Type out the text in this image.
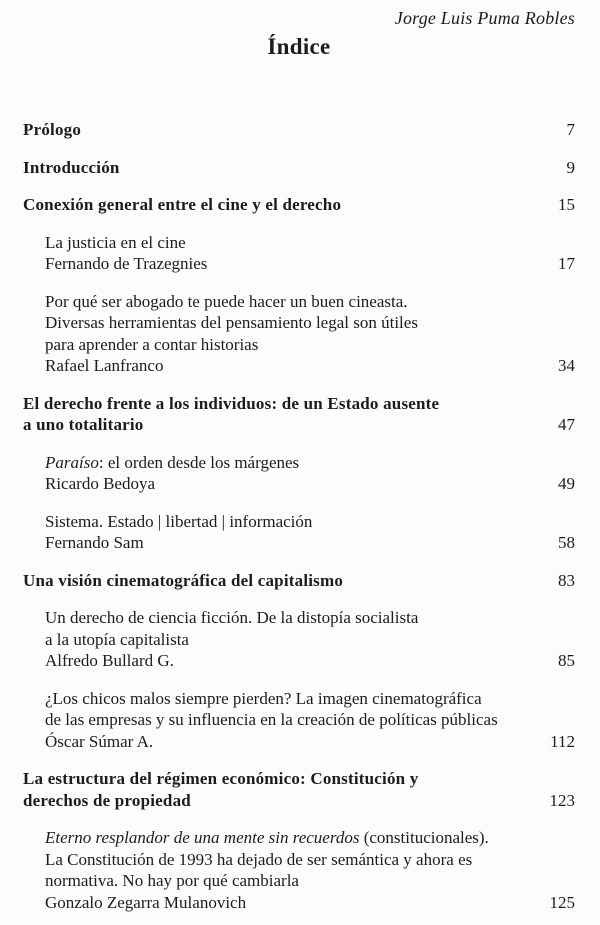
Jorge Luis Puma Robles
Índice
Prólogo	7
Introducción	9
Conexión general entre el cine y el derecho	15
La justicia en el cine
Fernando de Trazegnies	17
Por qué ser abogado te puede hacer un buen cineasta.
Diversas herramientas del pensamiento legal son útiles
para aprender a contar historias
Rafael Lanfranco	34
El derecho frente a los individuos: de un Estado ausente
a uno totalitario	47
Paraíso: el orden desde los márgenes
Ricardo Bedoya	49
Sistema. Estado | libertad | información
Fernando Sam	58
Una visión cinematográfica del capitalismo	83
Un derecho de ciencia ficción. De la distopía socialista
a la utopía capitalista
Alfredo Bullard G.	85
¿Los chicos malos siempre pierden? La imagen cinematográfica
de las empresas y su influencia en la creación de políticas públicas
Óscar Súmar A.	112
La estructura del régimen económico: Constitución y
derechos de propiedad	123
Eterno resplandor de una mente sin recuerdos (constitucionales).
La Constitución de 1993 ha dejado de ser semántica y ahora es
normativa. No hay por qué cambiarla
Gonzalo Zegarra Mulanovich	125
